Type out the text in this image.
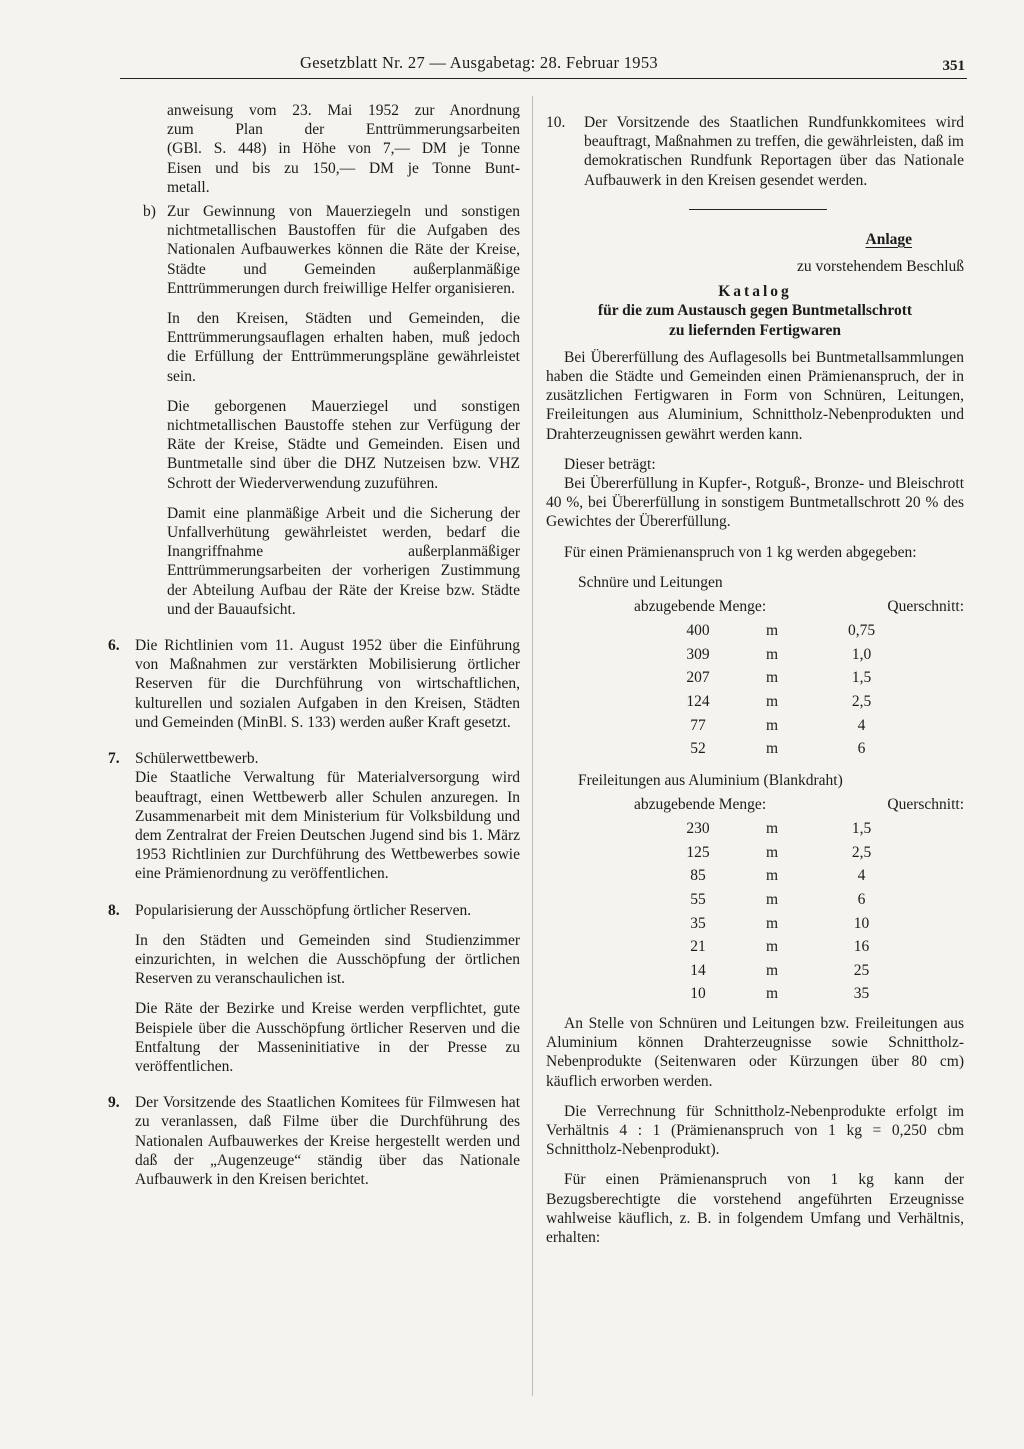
Gesetzblatt Nr. 27 — Ausgabetag: 28. Februar 1953	351
anweisung vom 23. Mai 1952 zur Anordnung
zum Plan der Enttrümmerungsarbeiten
(GBl. S. 448) in Höhe von 7,— DM je Tonne
Eisen und bis zu 150,— DM je Tonne Bunt-
metall.
b) Zur Gewinnung von Mauerziegeln und sonstigen nichtmetallischen Baustoffen für die Aufgaben des Nationalen Aufbauwerkes können die Räte der Kreise, Städte und Gemeinden außerplanmäßige Enttrümmerungen durch freiwillige Helfer organisieren.

In den Kreisen, Städten und Gemeinden, die Enttrümmerungsauflagen erhalten haben, muß jedoch die Erfüllung der Enttrümmerungspläne gewährleistet sein.

Die geborgenen Mauerziegel und sonstigen nichtmetallischen Baustoffe stehen zur Verfügung der Räte der Kreise, Städte und Gemeinden. Eisen und Buntmetalle sind über die DHZ Nutzeisen bzw. VHZ Schrott der Wiederverwendung zuzuführen.

Damit eine planmäßige Arbeit und die Sicherung der Unfallverhütung gewährleistet werden, bedarf die Inangriffnahme außerplanmäßiger Enttrümmerungsarbeiten der vorherigen Zustimmung der Abteilung Aufbau der Räte der Kreise bzw. Städte und der Bauaufsicht.

6. Die Richtlinien vom 11. August 1952 über die Einführung von Maßnahmen zur verstärkten Mobilisierung örtlicher Reserven für die Durchführung von wirtschaftlichen, kulturellen und sozialen Aufgaben in den Kreisen, Städten und Gemeinden (MinBl. S. 133) werden außer Kraft gesetzt.

7. Schülerwettbewerb.

Die Staatliche Verwaltung für Materialversorgung wird beauftragt, einen Wettbewerb aller Schulen anzuregen. In Zusammenarbeit mit dem Ministerium für Volksbildung und dem Zentralrat der Freien Deutschen Jugend sind bis 1. März 1953 Richtlinien zur Durchführung des Wettbewerbes sowie eine Prämienordnung zu veröffentlichen.

8. Popularisierung der Ausschöpfung örtlicher Reserven.

In den Städten und Gemeinden sind Studienzimmer einzurichten, in welchen die Ausschöpfung der örtlichen Reserven zu veranschaulichen ist.

Die Räte der Bezirke und Kreise werden verpflichtet, gute Beispiele über die Ausschöpfung örtlicher Reserven und die Entfaltung der Masseninitiative in der Presse zu veröffentlichen.

9. Der Vorsitzende des Staatlichen Komitees für Filmwesen hat zu veranlassen, daß Filme über die Durchführung des Nationalen Aufbauwerkes der Kreise hergestellt werden und daß der „Augenzeuge“ ständig über das Nationale Aufbauwerk in den Kreisen berichtet.

10.	Der Vorsitzende des Staatlichen Rundfunkkomitees wird beauftragt, Maßnahmen zu treffen, die gewährleisten, daß im demokratischen Rundfunk Reportagen über das Nationale Aufbauwerk in den Kreisen gesendet werden.

Anlage
zu vorstehendem Beschluß
Katalog
für die zum Austausch gegen Buntmetallschrott
zu liefernden Fertigwaren

Bei Übererfüllung des Auflagesolls bei Buntmetallsammlungen haben die Städte und Gemeinden einen Prämienanspruch, der in zusätzlichen Fertigwaren in Form von Schnüren, Leitungen, Freileitungen aus Aluminium, Schnittholz-Nebenprodukten und Drahterzeugnissen gewährt werden kann.

Dieser beträgt:

Bei Übererfüllung in Kupfer-, Rotguß-, Bronze- und Bleischrott 40 %, bei Übererfüllung in sonstigem Buntmetallschrott 20 % des Gewichtes der Übererfüllung.

Für einen Prämienanspruch von 1 kg werden abgegeben:

Schnüre und Leitungen
abzugebende Menge:	Querschnitt:
400	m	0,75
309	m	1,0
207	m	1,5
124	m	2,5
77	m	4
52	m	6
Freileitungen aus Aluminium (Blankdraht)
abzugebende Menge:	Querschnitt:
230	m	1,5
125	m	2,5
85	m	4
55	m	6
35	m	10
21	m	16
14	m	25
10	m	35

An Stelle von Schnüren und Leitungen bzw. Freileitungen aus Aluminium können Drahterzeugnisse sowie Schnittholz-Nebenprodukte (Seitenwaren oder Kürzungen über 80 cm) käuflich erworben werden.

Die Verrechnung für Schnittholz-Nebenprodukte erfolgt im Verhältnis 4 : 1 (Prämienanspruch von 1 kg = 0,250 cbm Schnittholz-Nebenprodukt).

Für einen Prämienanspruch von 1 kg kann der Bezugsberechtigte die vorstehend angeführten Erzeugnisse wahlweise käuflich, z. B. in folgendem Umfang und Verhältnis, erhalten:
